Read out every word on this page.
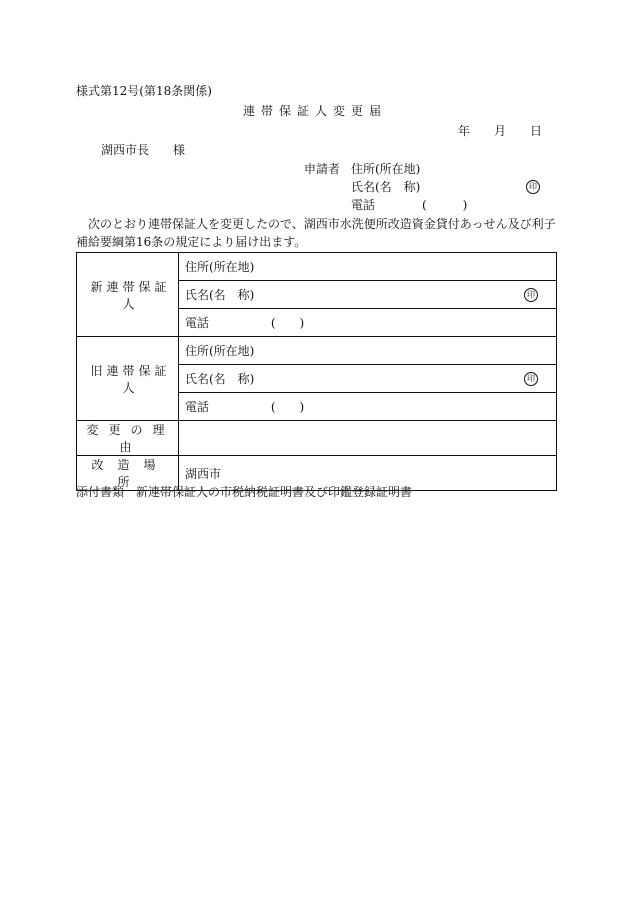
様式第12号(第18条関係)
連帯保証人変更届
年　　月　　日
湖西市長　　様
申請者 住所(所在地)
氏名(名　称)	印
電話	(　　　)
次のとおり連帯保証人を変更したので、湖西市水洗便所改造資金貸付あっせん及び利子
補給要綱第16条の規定により届け出ます。
新連帯保証人	住所(所在地)
	氏名(名　称) 印

	電話 (　　)
旧連帯保証人	住所(所在地)
	氏名(名　称) 印

	電話 (　　)
変更の理由	
改造場所	湖西市
添付書類　新連帯保証人の市税納税証明書及び印鑑登録証明書
